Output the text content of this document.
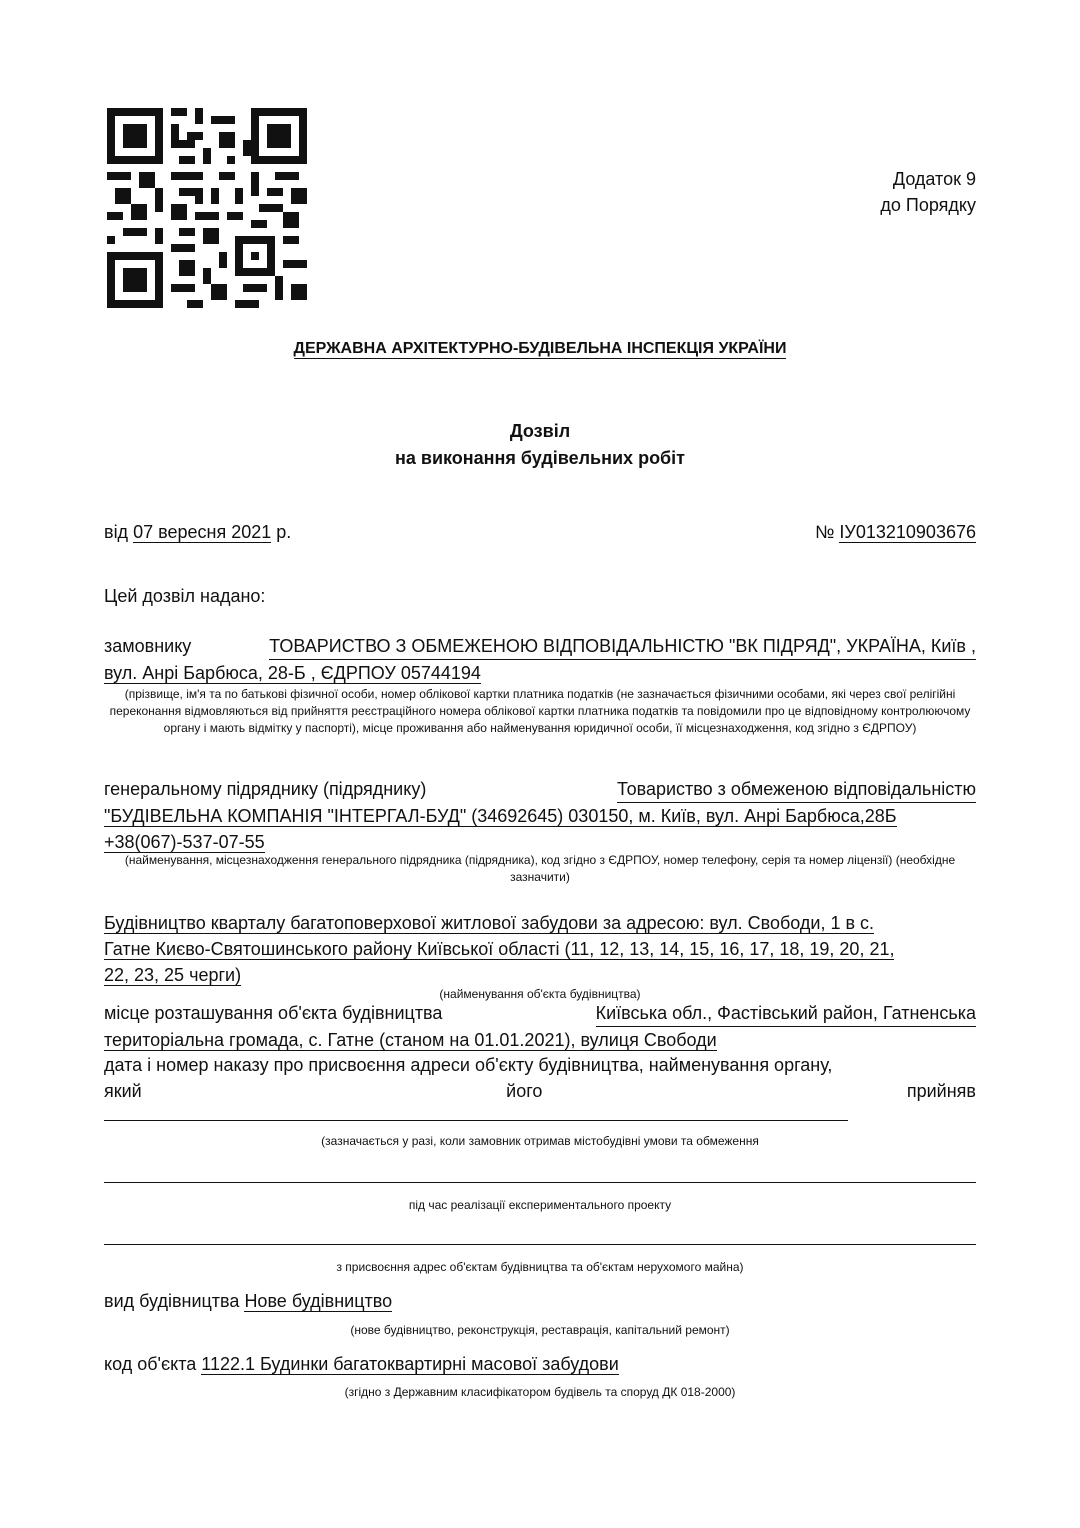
Додаток 9
до Порядку
ДЕРЖАВНА АРХІТЕКТУРНО-БУДІВЕЛЬНА ІНСПЕКЦІЯ УКРАЇНИ
Дозвіл
на виконання будівельних робіт
від 07 вересня 2021 р.	№ ІУ013210903676
Цей дозвіл надано:
замовнику	ТОВАРИСТВО З ОБМЕЖЕНОЮ ВІДПОВІДАЛЬНІСТЮ "ВК ПІДРЯД", УКРАЇНА, Київ ,
вул. Анрі Барбюса, 28-Б , ЄДРПОУ 05744194
(прізвище, ім'я та по батькові фізичної особи, номер облікової картки платника податків (не зазначається фізичними особами, які через свої релігійні переконання відмовляються від прийняття реєстраційного номера облікової картки платника податків та повідомили про це відповідному контролюючому органу і мають відмітку у паспорті), місце проживання або найменування юридичної особи, її місцезнаходження, код згідно з ЄДРПОУ)
генеральному підряднику (підряднику)	Товариство з обмеженою відповідальністю
"БУДІВЕЛЬНА КОМПАНІЯ "ІНТЕРГАЛ-БУД" (34692645) 030150, м. Київ, вул. Анрі Барбюса,28Б
+38(067)-537-07-55
(найменування, місцезнаходження генерального підрядника (підрядника), код згідно з ЄДРПОУ, номер телефону, серія та номер ліцензії) (необхідне зазначити)
Будівництво кварталу багатоповерхової житлової забудови за адресою: вул. Свободи, 1 в с.
Гатне Києво-Святошинського району Київської області (11, 12, 13, 14, 15, 16, 17, 18, 19, 20, 21,
22, 23, 25 черги)
(найменування об'єкта будівництва)
місце розташування об'єкта будівництва	Київська обл., Фастівський район, Гатненська
територіальна громада, с. Гатне (станом на 01.01.2021), вулиця Свободи
дата і номер наказу про присвоєння адреси об'єкту будівництва, найменування органу,
який	його	прийняв
(зазначається у разі, коли замовник отримав містобудівні умови та обмеження
під час реалізації експериментального проекту
з присвоєння адрес об'єктам будівництва та об'єктам нерухомого майна)
вид будівництва Нове будівництво
(нове будівництво, реконструкція, реставрація, капітальний ремонт)
код об'єкта 1122.1 Будинки багатоквартирні масової забудови
(згідно з Державним класифікатором будівель та споруд ДК 018-2000)
